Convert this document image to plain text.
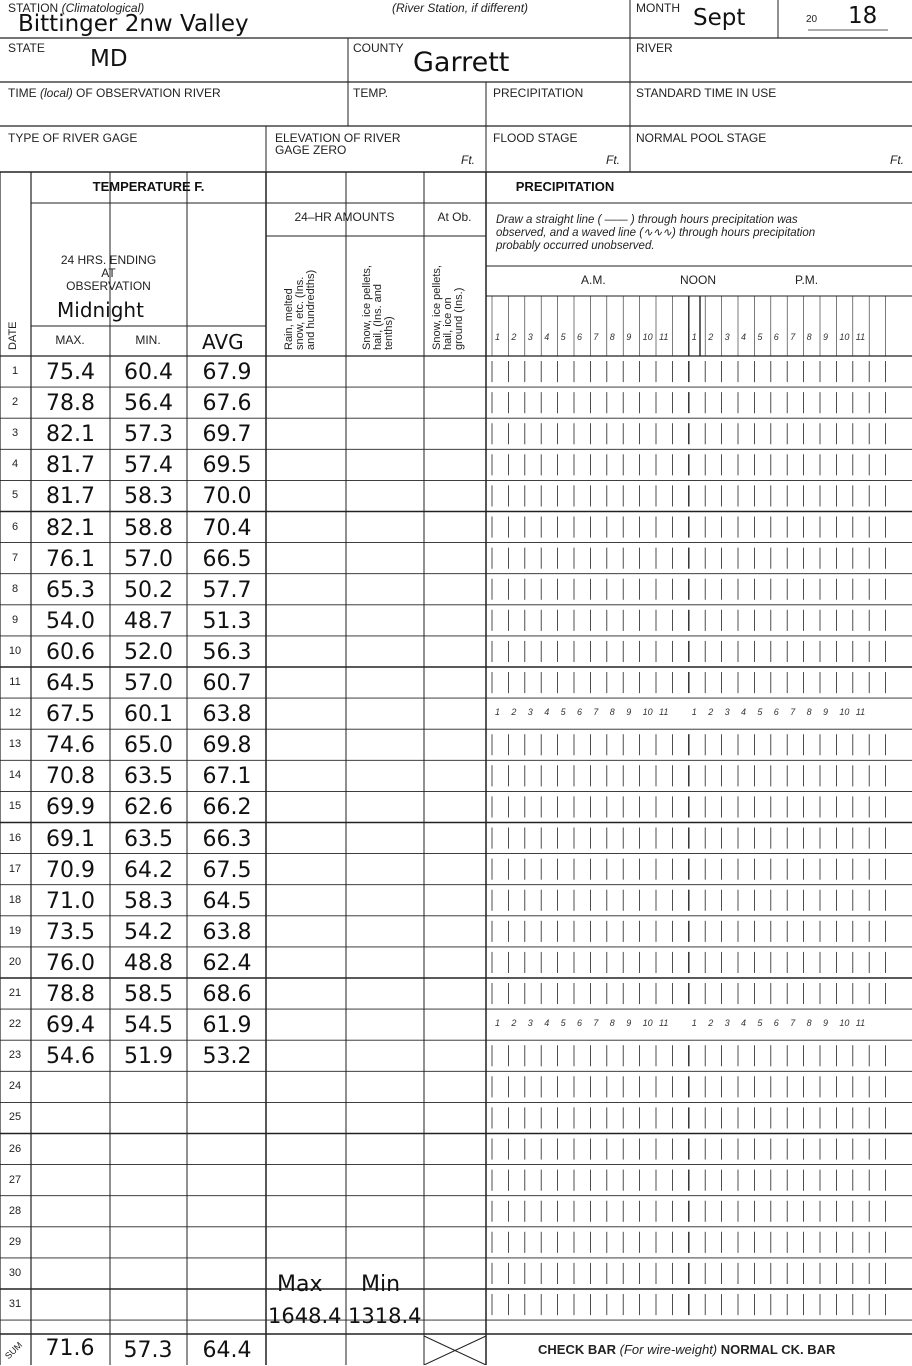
STATION (Climatological)	(River Station, if different)
Bittinger 2nw Valley
MONTH Sept	20 18
STATE MD	COUNTY Garrett	RIVER
TIME (local) OF OBSERVATION RIVER	TEMP.	PRECIPITATION	STANDARD TIME IN USE
TYPE OF RIVER GAGE	ELEVATION OF RIVER
GAGE ZERO
Ft.
FLOOD STAGE
Ft.
NORMAL POOL STAGE
Ft.
TEMPERATURE F.
24 HRS. ENDING
AT
OBSERVATION
Midnight
MAX.	MIN.	AVG
DATE
PRECIPITATION
24–HR AMOUNTS	At Ob.
Rain, melted
snow, etc. (Ins.
and hundredths)
Snow, ice pellets,
hail, (Ins. and
tenths)	Snow, ice pellets,
hail, ice on
ground (Ins.)
Draw a straight line ( —— ) through hours precipitation was
observed, and a waved line (∿∿∿) through hours precipitation
probably occurred unobserved.
A.M.	NOON	P.M.
1 2 3 4 5 6 7 8 9 10 11	1 2 3 4 5 6 7 8 9 10 11
1 2 3 4 5 6 7 8 9 10 11	1 2 3 4 5 6 7 8 9 10 11
1 2 3 4 5 6 7 8 9 10 11	1 2 3 4 5 6 7 8 9 10 11
1	75.4	60.4	67.9
2	78.8	56.4	67.6
3	82.1	57.3	69.7
4	81.7	57.4	69.5
5	81.7	58.3	70.0
6	82.1	58.8	70.4
7	76.1	57.0	66.5
8	65.3	50.2	57.7
9	54.0	48.7	51.3
10	60.6	52.0	56.3
11	64.5	57.0	60.7
12	67.5	60.1	63.8
13	74.6	65.0	69.8
14	70.8	63.5	67.1
15	69.9	62.6	66.2
16	69.1	63.5	66.3
17	70.9	64.2	67.5
18	71.0	58.3	64.5
19	73.5	54.2	63.8
20	76.0	48.8	62.4
21	78.8	58.5	68.6
22	69.4	54.5	61.9
23	54.6	51.9	53.2
24
25
26
27
28
29
30
31
Max Min
1648.4 1318.4
SUM 71.6	57.3	64.4	CHECK BAR (For wire-weight) NORMAL CK. BAR
